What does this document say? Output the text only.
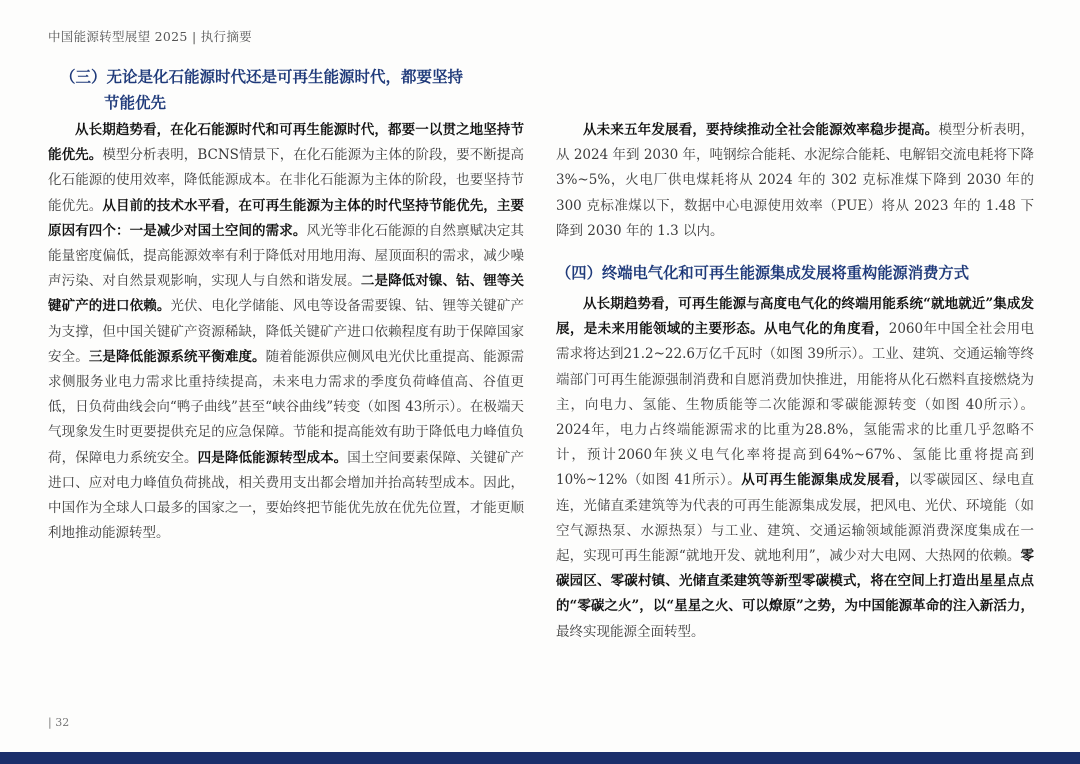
中国能源转型展望 2025 | 执行摘要
（三）无论是化石能源时代还是可再生能源时代，都要坚持
节能优先

从长期趋势看，在化石能源时代和可再生能源时代，都要一以贯之地坚持节能优先。模型分析表明，BCNS情景下，在化石能源为主体的阶段，要不断提高化石能源的使用效率，降低能源成本。在非化石能源为主体的阶段，也要坚持节能优先。从目前的技术水平看，在可再生能源为主体的时代坚持节能优先，主要原因有四个：一是减少对国土空间的需求。风光等非化石能源的自然禀赋决定其能量密度偏低，提高能源效率有利于降低对用地用海、屋顶面积的需求，减少噪声污染、对自然景观影响，实现人与自然和谐发展。二是降低对镍、钴、锂等关键矿产的进口依赖。光伏、电化学储能、风电等设备需要镍、钴、锂等关键矿产为支撑，但中国关键矿产资源稀缺，降低关键矿产进口依赖程度有助于保障国家安全。三是降低能源系统平衡难度。随着能源供应侧风电光伏比重提高、能源需求侧服务业电力需求比重持续提高，未来电力需求的季度负荷峰值高、谷值更低，日负荷曲线会向“鸭子曲线”甚至“峡谷曲线”转变（如图 43所示）。在极端天气现象发生时更要提供充足的应急保障。节能和提高能效有助于降低电力峰值负荷，保障电力系统安全。四是降低能源转型成本。国土空间要素保障、关键矿产进口、应对电力峰值负荷挑战，相关费用支出都会增加并抬高转型成本。因此，中国作为全球人口最多的国家之一，要始终把节能优先放在优先位置，才能更顺利地推动能源转型。

从未来五年发展看，要持续推动全社会能源效率稳步提高。模型分析表明，从 2024 年到 2030 年，吨钢综合能耗、水泥综合能耗、电解铝交流电耗将下降 3%~5%，火电厂供电煤耗将从 2024 年的 302 克标准煤下降到 2030 年的 300 克标准煤以下，数据中心电源使用效率（PUE）将从 2023 年的 1.48 下降到 2030 年的 1.3 以内。

（四）终端电气化和可再生能源集成发展将重构能源消费方式

从长期趋势看，可再生能源与高度电气化的终端用能系统“就地就近”集成发展，是未来用能领域的主要形态。从电气化的角度看，2060年中国全社会用电需求将达到21.2~22.6万亿千瓦时（如图 39所示）。工业、建筑、交通运输等终端部门可再生能源强制消费和自愿消费加快推进，用能将从化石燃料直接燃烧为主，向电力、氢能、生物质能等二次能源和零碳能源转变（如图 40所示）。2024年，电力占终端能源需求的比重为28.8%，氢能需求的比重几乎忽略不计，预计2060年狭义电气化率将提高到64%~67%、氢能比重将提高到10%~12%（如图 41所示）。从可再生能源集成发展看，以零碳园区、绿电直连，光储直柔建筑等为代表的可再生能源集成发展，把风电、光伏、环境能（如空气源热泵、水源热泵）与工业、建筑、交通运输领域能源消费深度集成在一起，实现可再生能源“就地开发、就地利用”，减少对大电网、大热网的依赖。零碳园区、零碳村镇、光储直柔建筑等新型零碳模式，将在空间上打造出星星点点的“零碳之火”，以“星星之火、可以燎原”之势，为中国能源革命的注入新活力，最终实现能源全面转型。

| 32
